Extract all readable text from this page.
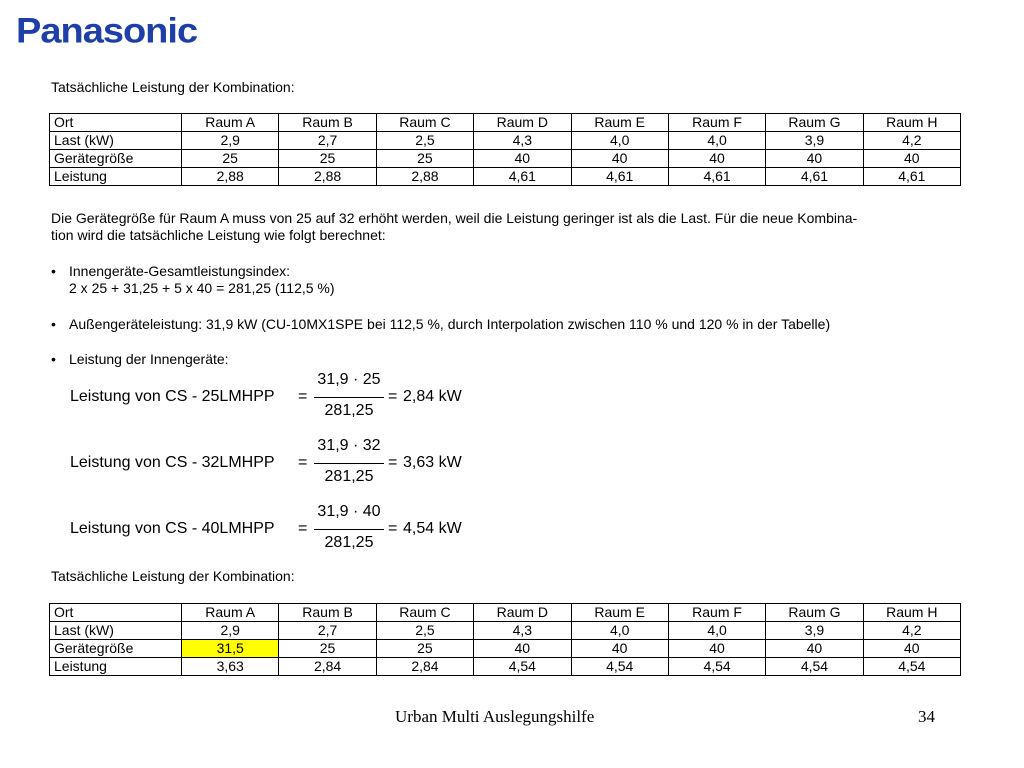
Panasonic

Tatsächliche Leistung der Kombination:

Ort	Raum A	Raum B	Raum C	Raum D	Raum E	Raum F	Raum G	Raum H
Last (kW)	2,9	2,7	2,5	4,3	4,0	4,0	3,9	4,2
Gerätegröße	25	25	25	40	40	40	40	40
Leistung	2,88	2,88	2,88	4,61	4,61	4,61	4,61	4,61

Die Gerätegröße für Raum A muss von 25 auf 32 erhöht werden, weil die Leistung geringer ist als die Last. Für die neue Kombina-

tion wird die tatsächliche Leistung wie folgt berechnet:

• Innengeräte-Gesamtleistungsindex:
2 x 25 + 31,25 + 5 x 40 = 281,25 (112,5 %)
• Außengeräteleistung: 31,9 kW (CU-10MX1SPE bei 112,5 %, durch Interpolation zwischen 110 % und 120 % in der Tabelle)
• Leistung der Innengeräte:
Leistung von CS - 25LMHPP =
31,9 · 25
281,25
= 2,84 kW
Leistung von CS - 32LMHPP =
31,9 · 32
281,25
= 3,63 kW
Leistung von CS - 40LMHPP =
31,9 · 40
281,25
= 4,54 kW

Tatsächliche Leistung der Kombination:

Ort	Raum A	Raum B	Raum C	Raum D	Raum E	Raum F	Raum G	Raum H
Last (kW)	2,9	2,7	2,5	4,3	4,0	4,0	3,9	4,2
Gerätegröße	31,5	25	25	40	40	40	40	40
Leistung	3,63	2,84	2,84	4,54	4,54	4,54	4,54	4,54
Urban Multi Auslegungshilfe	34
